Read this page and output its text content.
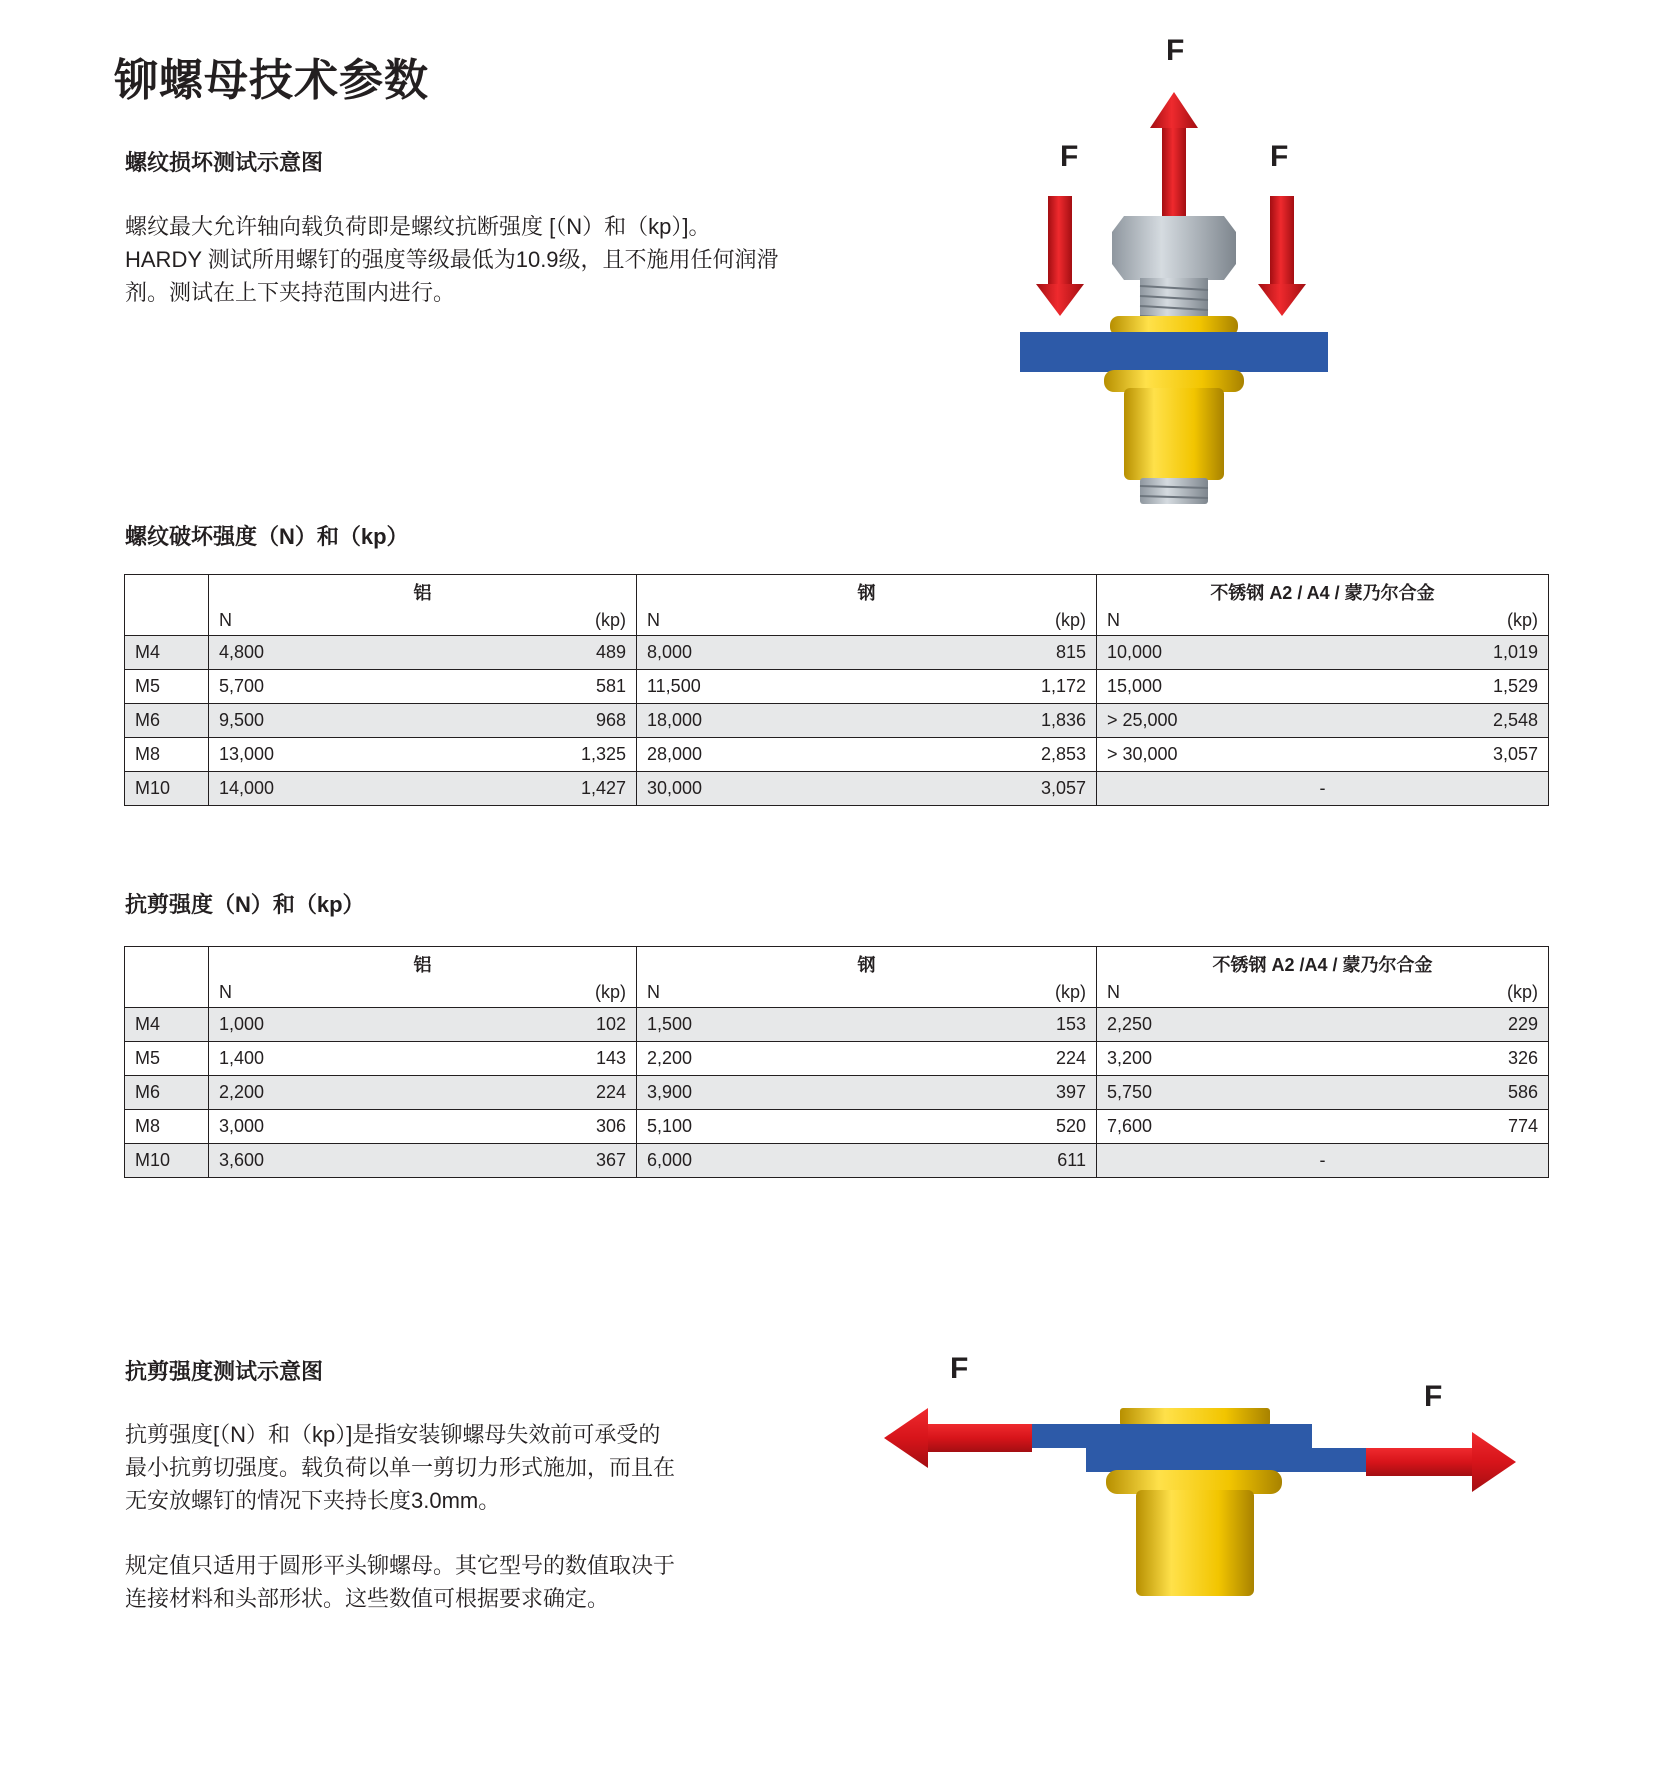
铆螺母技术参数
螺纹损坏测试示意图
螺纹最大允许轴向载负荷即是螺纹抗断强度 [（N）和（kp）]。
HARDY 测试所用螺钉的强度等级最低为10.9级，且不施用任何润滑
剂。测试在上下夹持范围内进行。
F
F	F
螺纹破坏强度（N）和（kp）
	铝	钢	不锈钢 A2 / A4 / 蒙乃尔合金

	N (kp)	N (kp)	N (kp)

M4	4,800 489	8,000 815	10,000 1,019

M5	5,700 581	11,500 1,172	15,000 1,529

M6	9,500 968	18,000 1,836	> 25,000 2,548

M8	13,000 1,325	28,000 2,853	> 30,000 3,057

M10	14,000 1,427	30,000 3,057	-
抗剪强度（N）和（kp）
	铝	钢	不锈钢 A2 /A4 / 蒙乃尔合金

	N (kp)	N (kp)	N (kp)

M4	1,000 102	1,500 153	2,250 229

M5	1,400 143	2,200 224	3,200 326

M6	2,200 224	3,900 397	5,750 586

M8	3,000 306	5,100 520	7,600 774

M10	3,600 367	6,000 611	-
抗剪强度测试示意图
抗剪强度[（N）和（kp）]是指安装铆螺母失效前可承受的
最小抗剪切强度。载负荷以单一剪切力形式施加，而且在
无安放螺钉的情况下夹持长度3.0mm。
规定值只适用于圆形平头铆螺母。其它型号的数值取决于
连接材料和头部形状。这些数值可根据要求确定。
F
F
